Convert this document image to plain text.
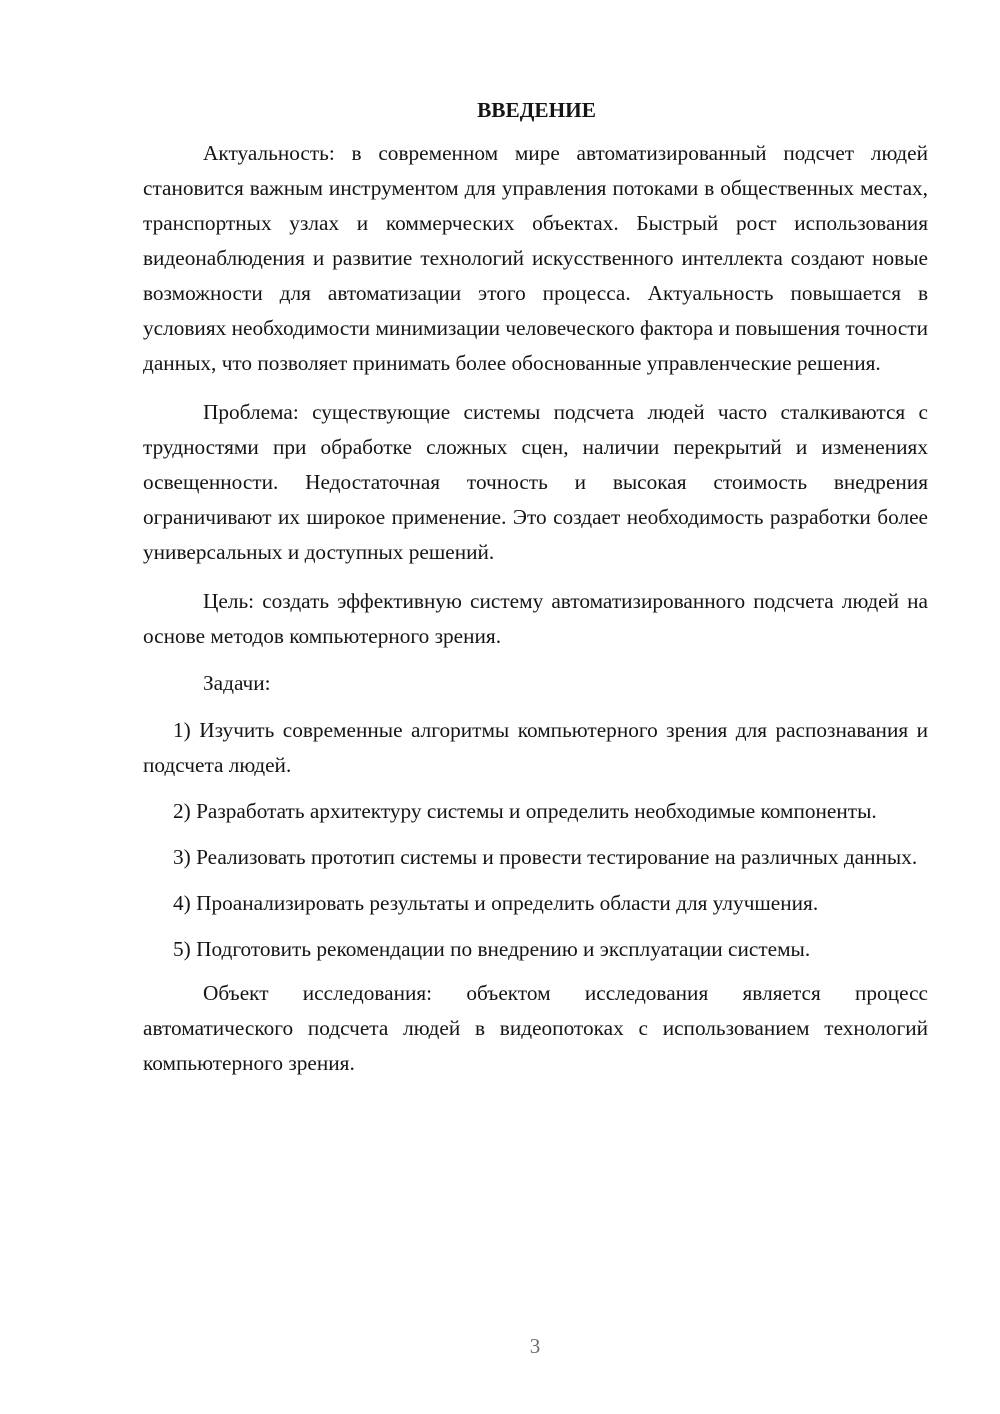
ВВЕДЕНИЕ

Актуальность: в современном мире автоматизированный подсчет людей становится важным инструментом для управления потоками в общественных местах, транспортных узлах и коммерческих объектах. Быстрый рост использования видеонаблюдения и развитие технологий искусственного интеллекта создают новые возможности для автоматизации этого процесса. Актуальность повышается в условиях необходимости минимизации человеческого фактора и повышения точности данных, что позволяет принимать более обоснованные управленческие решения.

Проблема: существующие системы подсчета людей часто сталкиваются с трудностями при обработке сложных сцен, наличии перекрытий и изменениях освещенности. Недостаточная точность и высокая стоимость внедрения ограничивают их широкое применение. Это создает необходимость разработки более универсальных и доступных решений.

Цель: создать эффективную систему автоматизированного подсчета людей на основе методов компьютерного зрения.

Задачи:

1) Изучить современные алгоритмы компьютерного зрения для распознавания и подсчета людей.

2) Разработать архитектуру системы и определить необходимые компоненты.

3) Реализовать прототип системы и провести тестирование на различных данных.

4) Проанализировать результаты и определить области для улучшения.

5) Подготовить рекомендации по внедрению и эксплуатации системы.

Объект исследования: объектом исследования является процесс автоматического подсчета людей в видеопотоках с использованием технологий компьютерного зрения.

3
